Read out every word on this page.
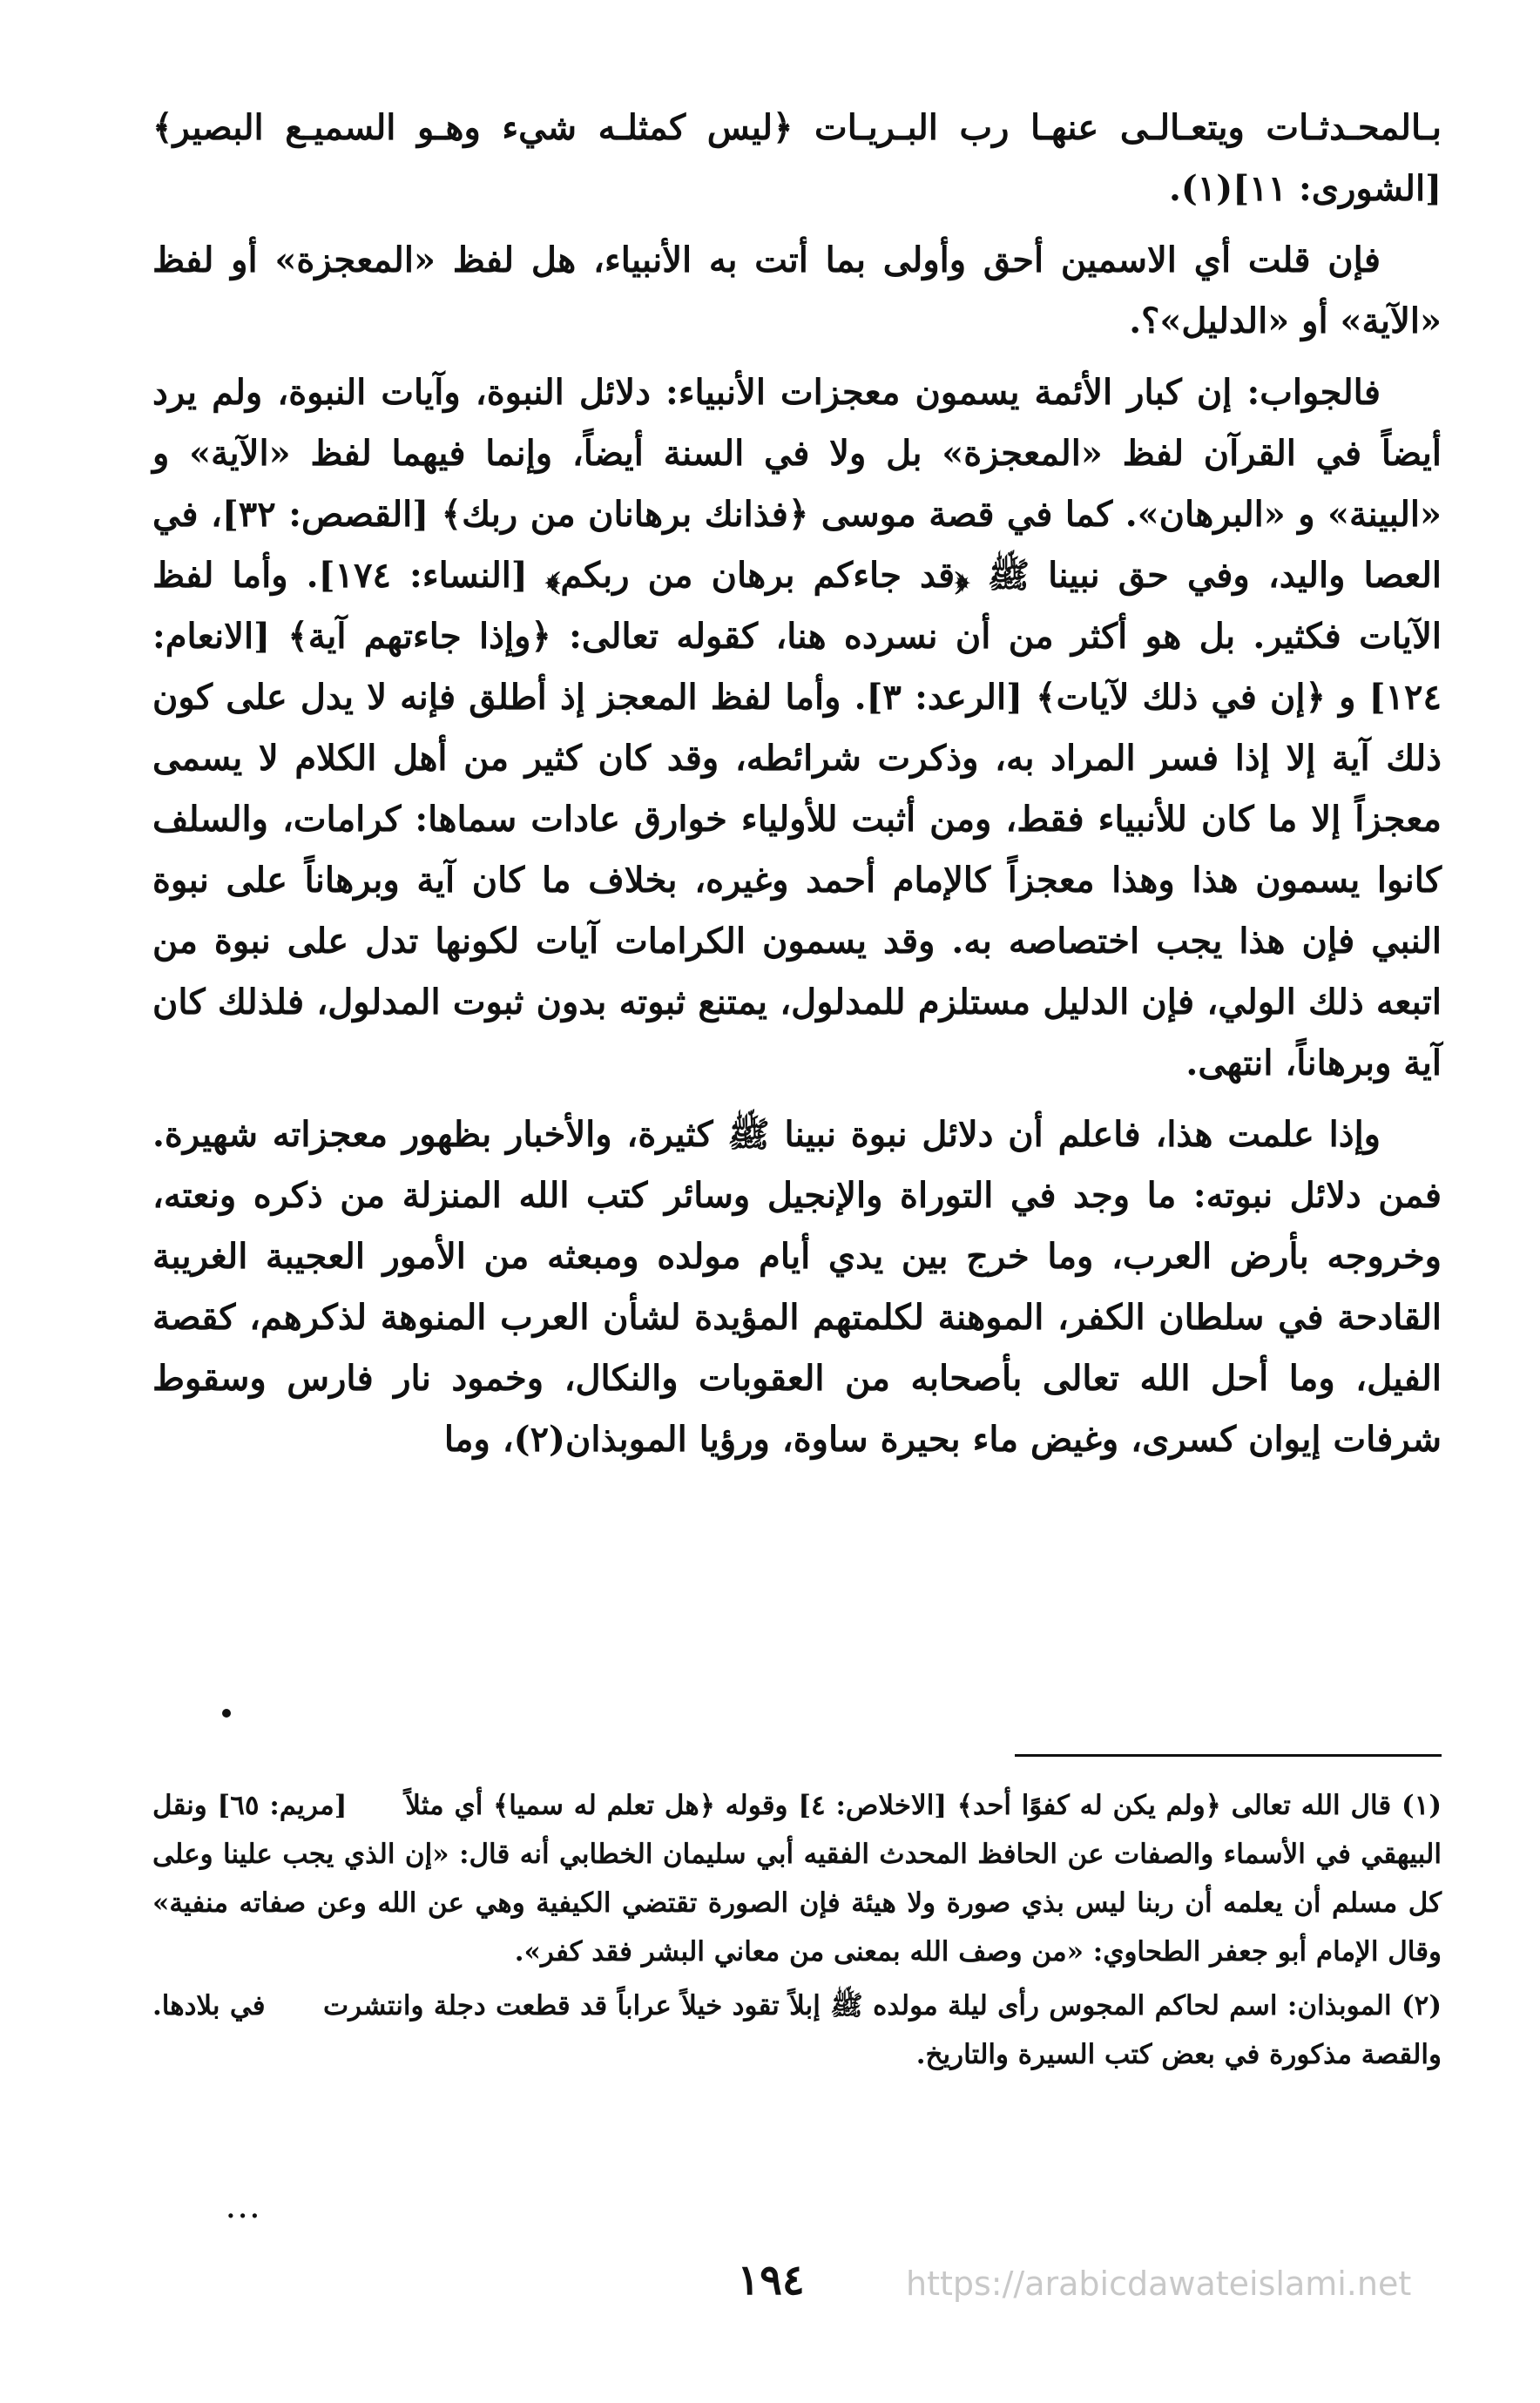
بـالمحـدثـات ويتعـالـى عنهـا رب البـريـات ﴿ليس كمثلـه شيء وهـو السميـع البصير﴾ [الشورى: ١١](١).

فإن قلت أي الاسمين أحق وأولى بما أتت به الأنبياء، هل لفظ «المعجزة» أو لفظ «الآية» أو «الدليل»؟.

فالجواب: إن كبار الأئمة يسمون معجزات الأنبياء: دلائل النبوة، وآيات النبوة، ولم يرد أيضاً في القرآن لفظ «المعجزة» بل ولا في السنة أيضاً، وإنما فيهما لفظ «الآية» و «البينة» و «البرهان». كما في قصة موسى ﴿فذانك برهانان من ربك﴾ [القصص: ٣٢]، في العصا واليد، وفي حق نبينا ﷺ ﴿قد جاءكم برهان من ربكم﴾ [النساء: ١٧٤]. وأما لفظ الآيات فكثير. بل هو أكثر من أن نسرده هنا، كقوله تعالى: ﴿وإذا جاءتهم آية﴾ [الانعام: ١٢٤] و ﴿إن في ذلك لآيات﴾ [الرعد: ٣]. وأما لفظ المعجز إذ أطلق فإنه لا يدل على كون ذلك آية إلا إذا فسر المراد به، وذكرت شرائطه، وقد كان كثير من أهل الكلام لا يسمى معجزاً إلا ما كان للأنبياء فقط، ومن أثبت للأولياء خوارق عادات سماها: كرامات، والسلف كانوا يسمون هذا وهذا معجزاً كالإمام أحمد وغيره، بخلاف ما كان آية وبرهاناً على نبوة النبي فإن هذا يجب اختصاصه به. وقد يسمون الكرامات آيات لكونها تدل على نبوة من اتبعه ذلك الولي، فإن الدليل مستلزم للمدلول، يمتنع ثبوته بدون ثبوت المدلول، فلذلك كان آية وبرهاناً، انتهى.

وإذا علمت هذا، فاعلم أن دلائل نبوة نبينا ﷺ كثيرة، والأخبار بظهور معجزاته شهيرة. فمن دلائل نبوته: ما وجد في التوراة والإنجيل وسائر كتب الله المنزلة من ذكره ونعته، وخروجه بأرض العرب، وما خرج بين يدي أيام مولده ومبعثه من الأمور العجيبة الغريبة القادحة في سلطان الكفر، الموهنة لكلمتهم المؤيدة لشأن العرب المنوهة لذكرهم، كقصة الفيل، وما أحل الله تعالى بأصحابه من العقوبات والنكال، وخمود نار فارس وسقوط شرفات إيوان كسرى، وغيض ماء بحيرة ساوة، ورؤيا الموبذان(٢)، وما

(١) قال الله تعالى ﴿ولم يكن له كفوًا أحد﴾ [الاخلاص: ٤] وقوله ﴿هل تعلم له سميا﴾ أي مثلاً [مريم: ٦٥] ونقل البيهقي في الأسماء والصفات عن الحافظ المحدث الفقيه أبي سليمان الخطابي أنه قال: «إن الذي يجب علينا وعلى كل مسلم أن يعلمه أن ربنا ليس بذي صورة ولا هيئة فإن الصورة تقتضي الكيفية وهي عن الله وعن صفاته منفية» وقال الإمام أبو جعفر الطحاوي: «من وصف الله بمعنى من معاني البشر فقد كفر».

(٢) الموبذان: اسم لحاكم المجوس رأى ليلة مولده ﷺ إبلاً تقود خيلاً عراباً قد قطعت دجلة وانتشرت في بلادها. والقصة مذكورة في بعض كتب السيرة والتاريخ.

...
١٩٤	https://arabicdawateislami.net
